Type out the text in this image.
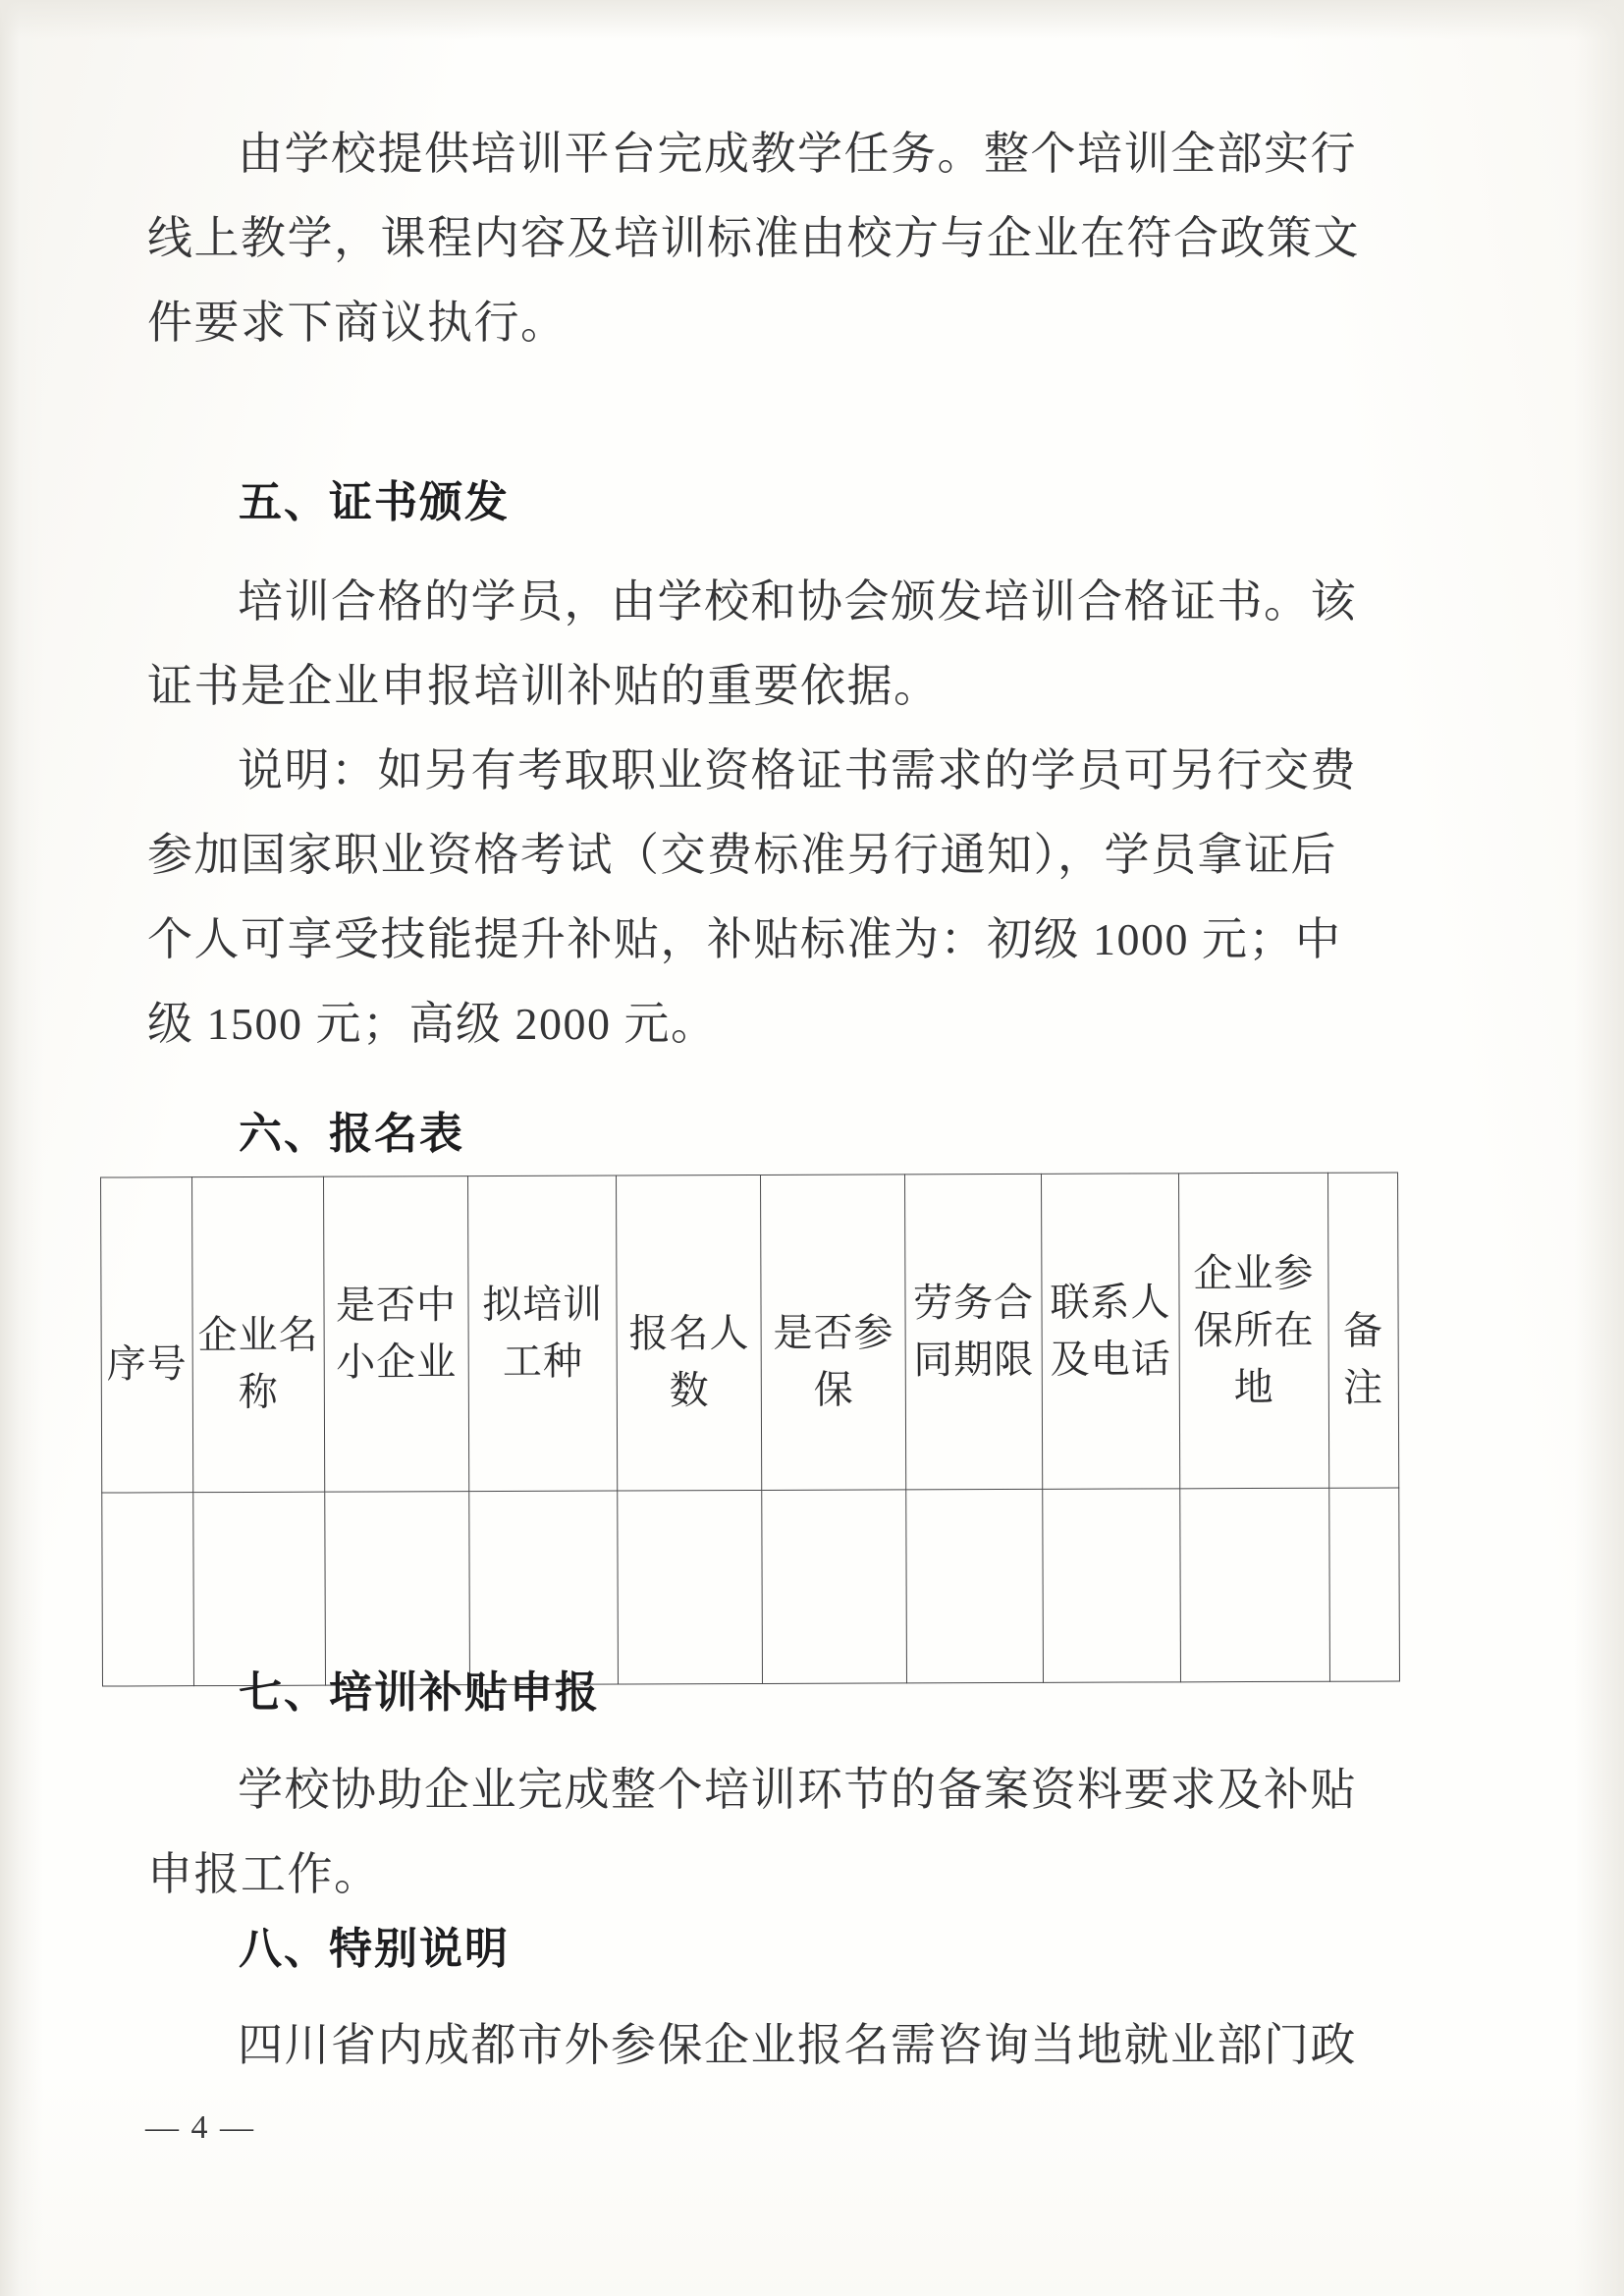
由学校提供培训平台完成教学任务。整个培训全部实行线上教学，课程内容及培训标准由校方与企业在符合政策文件要求下商议执行。
五、证书颁发
培训合格的学员，由学校和协会颁发培训合格证书。该证书是企业申报培训补贴的重要依据。
说明：如另有考取职业资格证书需求的学员可另行交费参加国家职业资格考试（交费标准另行通知），学员拿证后个人可享受技能提升补贴，补贴标准为：初级 1000 元；中级 1500 元；高级 2000 元。
六、报名表
序号	企业名称	是否中小企业	拟培训工种	报名人数	是否参保	劳务合同期限	联系人及电话	企业参保所在地	备注

七、培训补贴申报
学校协助企业完成整个培训环节的备案资料要求及补贴申报工作。
八、特别说明
四川省内成都市外参保企业报名需咨询当地就业部门政
— 4 —
